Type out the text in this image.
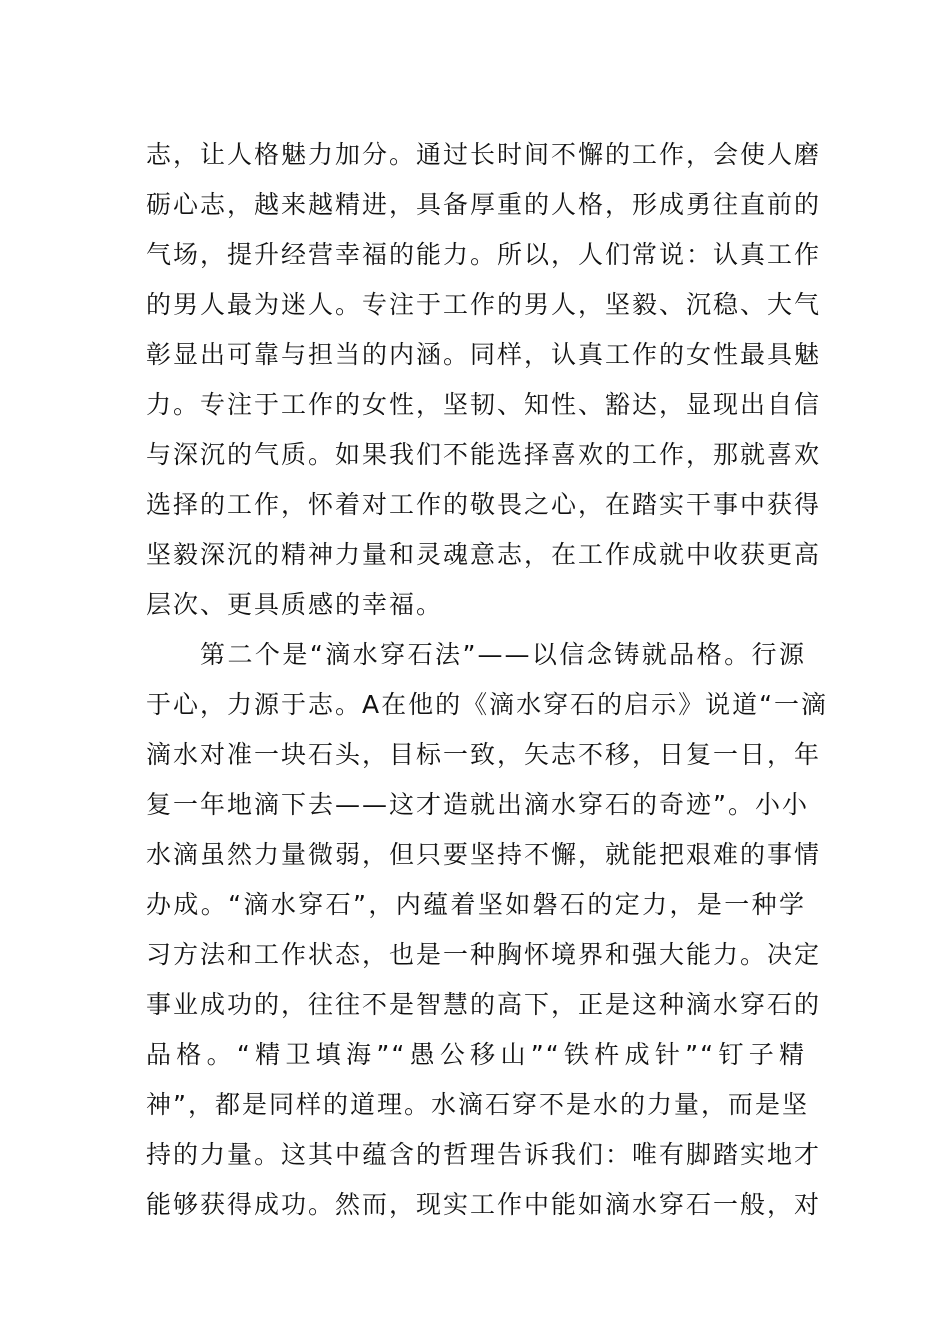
志，让人格魅力加分。通过长时间不懈的工作，会使人磨
砺心志，越来越精进，具备厚重的人格，形成勇往直前的
气场，提升经营幸福的能力。所以，人们常说：认真工作
的男人最为迷人。专注于工作的男人，坚毅、沉稳、大气
彰显出可靠与担当的内涵。同样，认真工作的女性最具魅
力。专注于工作的女性，坚韧、知性、豁达，显现出自信
与深沉的气质。如果我们不能选择喜欢的工作，那就喜欢
选择的工作，怀着对工作的敬畏之心，在踏实干事中获得
坚毅深沉的精神力量和灵魂意志，在工作成就中收获更高
层次、更具质感的幸福。
第二个是“滴水穿石法”——以信念铸就品格。行源
于心，力源于志。A在他的《滴水穿石的启示》说道“一滴
滴水对准一块石头，目标一致，矢志不移，日复一日，年
复一年地滴下去——这才造就出滴水穿石的奇迹”。小小
水滴虽然力量微弱，但只要坚持不懈，就能把艰难的事情
办成。“滴水穿石”，内蕴着坚如磐石的定力，是一种学
习方法和工作状态，也是一种胸怀境界和强大能力。决定
事业成功的，往往不是智慧的高下，正是这种滴水穿石的
品格。“精卫填海”“愚公移山”“铁杵成针”“钉子精
神”，都是同样的道理。水滴石穿不是水的力量，而是坚
持的力量。这其中蕴含的哲理告诉我们：唯有脚踏实地才
能够获得成功。然而，现实工作中能如滴水穿石一般，对
